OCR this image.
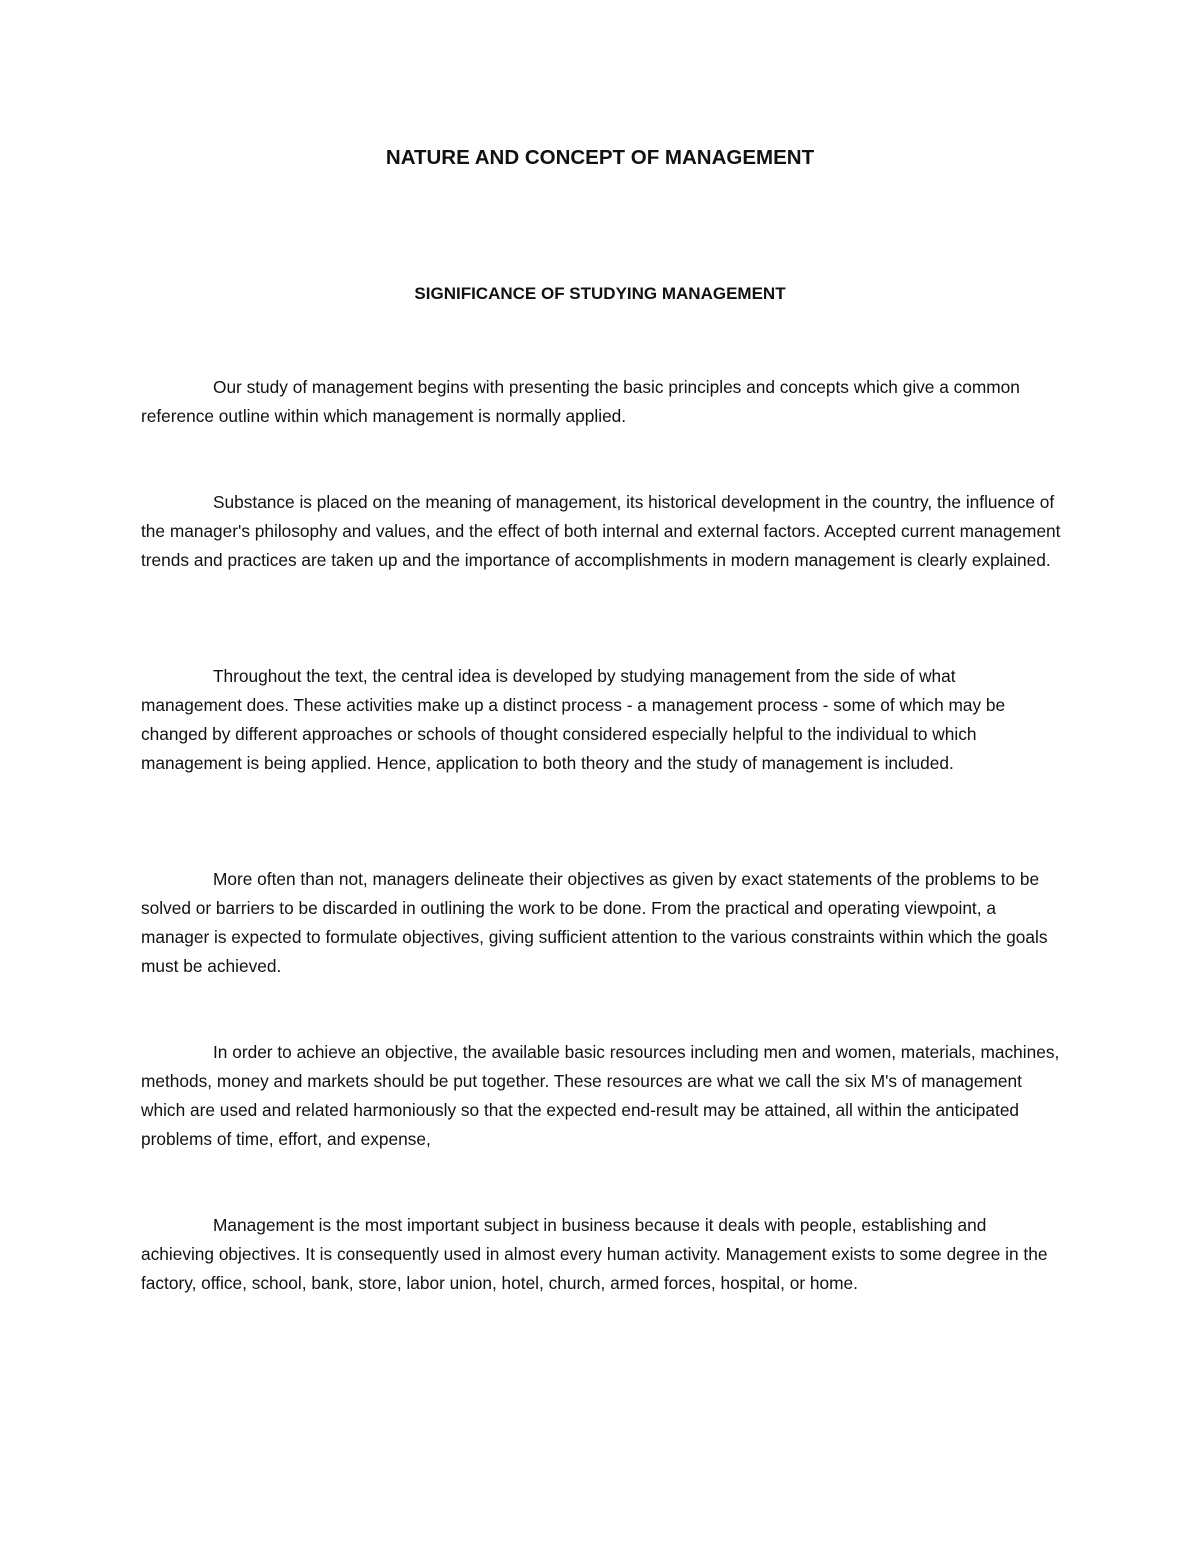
NATURE AND CONCEPT OF MANAGEMENT
SIGNIFICANCE OF STUDYING MANAGEMENT

Our study of management begins with presenting the basic principles and concepts which give a common reference outline within which management is normally applied.

Substance is placed on the meaning of management, its historical development in the country, the influence of the manager's philosophy and values, and the effect of both internal and external factors. Accepted current management trends and practices are taken up and the importance of accomplishments in modern management is clearly explained.

Throughout the text, the central idea is developed by studying management from the side of what management does. These activities make up a distinct process - a management process - some of which may be changed by different approaches or schools of thought considered especially helpful to the individual to which management is being applied. Hence, application to both theory and the study of management is included.

More often than not, managers delineate their objectives as given by exact statements of the problems to be solved or barriers to be discarded in outlining the work to be done. From the practical and operating viewpoint, a manager is expected to formulate objectives, giving sufficient attention to the various constraints within which the goals must be achieved.

In order to achieve an objective, the available basic resources including men and women, materials, machines, methods, money and markets should be put together. These resources are what we call the six M's of management which are used and related harmoniously so that the expected end-result may be attained, all within the anticipated problems of time, effort, and expense,

Management is the most important subject in business because it deals with people, establishing and achieving objectives. It is consequently used in almost every human activity. Management exists to some degree in the factory, office, school, bank, store, labor union, hotel, church, armed forces, hospital, or home.
